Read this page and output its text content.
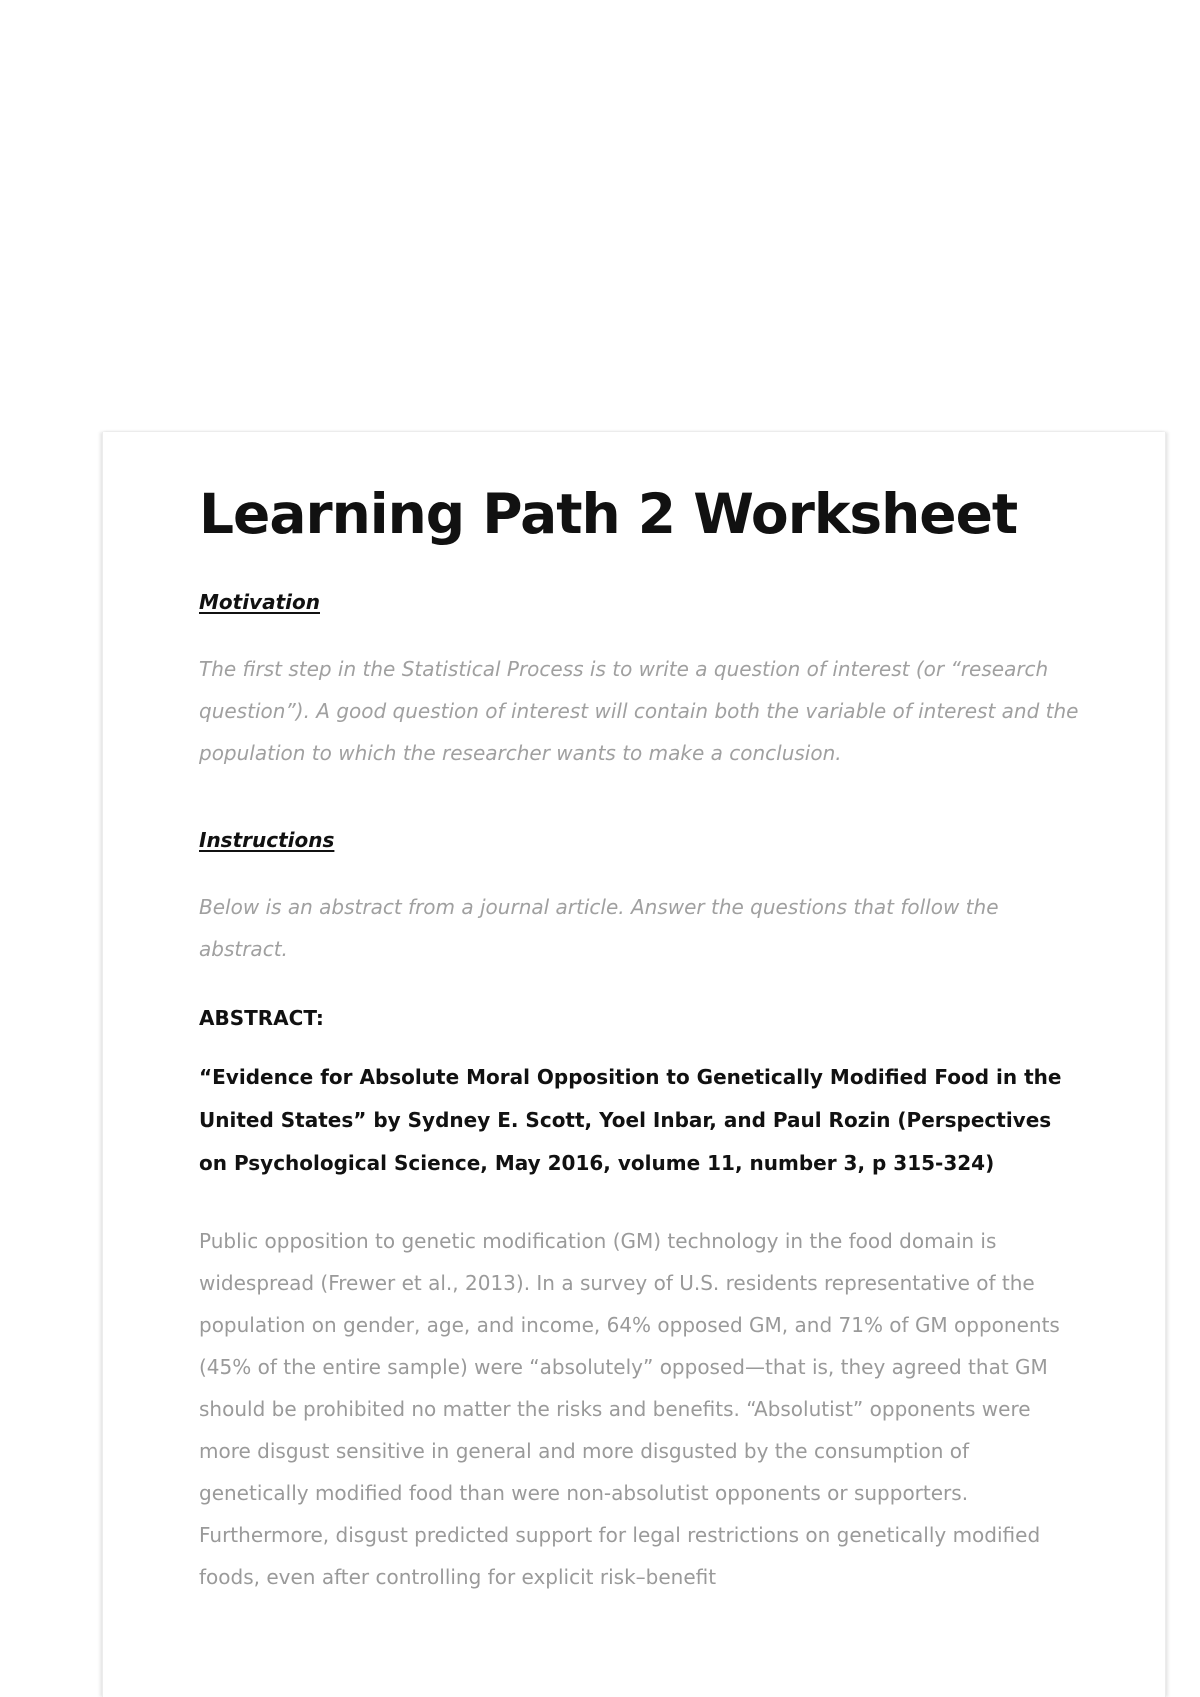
Learning Path 2 Worksheet
Motivation

The first step in the Statistical Process is to write a question of interest (or “research question”). A good question of interest will contain both the variable of interest and the population to which the researcher wants to make a conclusion.

Instructions

Below is an abstract from a journal article. Answer the questions that follow the abstract.

ABSTRACT:

“Evidence for Absolute Moral Opposition to Genetically Modified Food in the United States” by Sydney E. Scott, Yoel Inbar, and Paul Rozin (Perspectives on Psychological Science, May 2016, volume 11, number 3, p 315-324)

Public opposition to genetic modification (GM) technology in the food domain is widespread (Frewer et al., 2013). In a survey of U.S. residents representative of the population on gender, age, and income, 64% opposed GM, and 71% of GM opponents (45% of the entire sample) were “absolutely” opposed—that is, they agreed that GM should be prohibited no matter the risks and benefits. “Absolutist” opponents were more disgust sensitive in general and more disgusted by the consumption of genetically modified food than were non-absolutist opponents or supporters. Furthermore, disgust predicted support for legal restrictions on genetically modified foods, even after controlling for explicit risk–benefit
